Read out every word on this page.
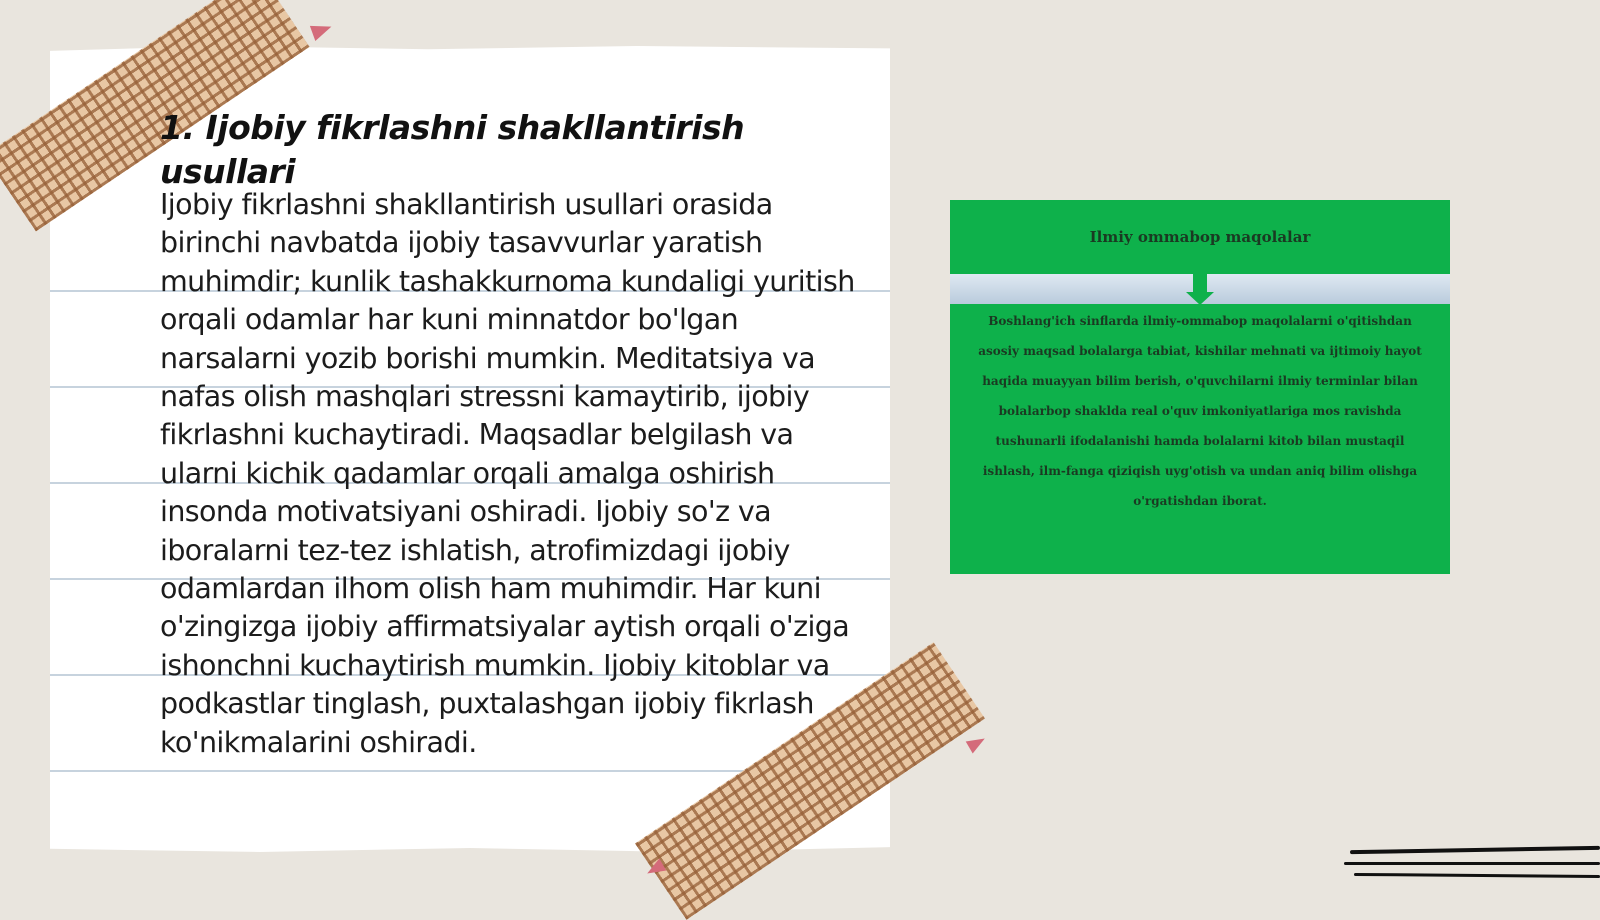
1. Ijobiy fikrlashni shakllantirish usullari

Ijobiy fikrlashni shakllantirish usullari orasida birinchi navbatda ijobiy tasavvurlar yaratish muhimdir; kunlik tashakkurnoma kundaligi yuritish orqali odamlar har kuni minnatdor bo'lgan narsalarni yozib borishi mumkin. Meditatsiya va nafas olish mashqlari stressni kamaytirib, ijobiy fikrlashni kuchaytiradi. Maqsadlar belgilash va ularni kichik qadamlar orqali amalga oshirish insonda motivatsiyani oshiradi. Ijobiy so'z va iboralarni tez-tez ishlatish, atrofimizdagi ijobiy odamlardan ilhom olish ham muhimdir. Har kuni o'zingizga ijobiy affirmatsiyalar aytish orqali o'ziga ishonchni kuchaytirish mumkin. Ijobiy kitoblar va podkastlar tinglash, puxtalashgan ijobiy fikrlash ko'nikmalarini oshiradi.

Ilmiy ommabop maqolalar

Boshlang'ich sinflarda ilmiy-ommabop maqolalarni o'qitishdan asosiy maqsad bolalarga tabiat, kishilar mehnati va ijtimoiy hayot haqida muayyan bilim berish, o'quvchilarni ilmiy terminlar bilan bolalarbop shaklda real o'quv imkoniyatlariga mos ravishda tushunarli ifodalanishi hamda bolalarni kitob bilan mustaqil ishlash, ilm-fanga qiziqish uyg'otish va undan aniq bilim olishga o'rgatishdan iborat.
